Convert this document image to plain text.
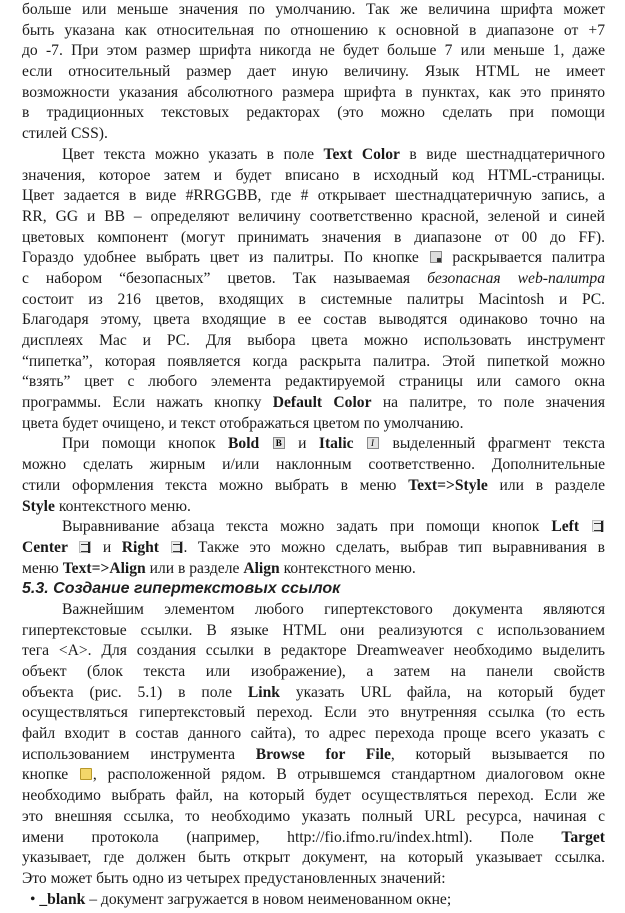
больше или меньше значения по умолчанию. Так же величина шрифта может
быть указана как относительная по отношению к основной в диапазоне от +7
до -7. При этом размер шрифта никогда не будет больше 7 или меньше 1, даже
если относительный размер дает иную величину. Язык HTML не имеет
возможности указания абсолютного размера шрифта в пунктах, как это принято
в традиционных текстовых редакторах (это можно сделать при помощи
стилей CSS).
Цвет текста можно указать в поле Text Color в виде шестнадцатеричного
значения, которое затем и будет вписано в исходный код HTML-страницы.
Цвет задается в виде #RRGGBB, где # открывает шестнадцатеричную запись, а
RR, GG и BB – определяют величину соответственно красной, зеленой и синей
цветовых компонент (могут принимать значения в диапазоне от 00 до FF).
Гораздо удобнее выбрать цвет из палитры. По кнопке  раскрывается палитра
с набором “безопасных” цветов. Так называемая безопасная web-палитра
состоит из 216 цветов, входящих в системные палитры Macintosh и PC.
Благодаря этому, цвета входящие в ее состав выводятся одинаково точно на
дисплеях Mac и PC. Для выбора цвета можно использовать инструмент
“пипетка”, которая появляется когда раскрыта палитра. Этой пипеткой можно
“взять” цвет с любого элемента редактируемой страницы или самого окна
программы. Если нажать кнопку Default Color на палитре, то поле значения
цвета будет очищено, и текст отображаться цветом по умолчанию.
При помощи кнопок Bold B и Italic I выделенный фрагмент текста
можно сделать жирным и/или наклонным соответственно. Дополнительные
стили оформления текста можно выбрать в меню Text=>Style или в разделе
Style контекстного меню.
Выравнивание абзаца текста можно задать при помощи кнопок Left
Center  и Right . Также это можно сделать, выбрав тип выравнивания в
меню Text=>Align или в разделе Align контекстного меню.
5.3. Создание гипертекстовых ссылок
Важнейшим элементом любого гипертекстового документа являются
гипертекстовые ссылки. В языке HTML они реализуются с использованием
тега <A>. Для создания ссылки в редакторе Dreamweaver необходимо выделить
объект (блок текста или изображение), а затем на панели свойств
объекта (рис. 5.1) в поле Link указать URL файла, на который будет
осуществляться гипертекстовый переход. Если это внутренняя ссылка (то есть
файл входит в состав данного сайта), то адрес перехода проще всего указать с
использованием инструмента Browse for File, который вызывается по
кнопке , расположенной рядом. В отрывшемся стандартном диалоговом окне
необходимо выбрать файл, на который будет осуществляться переход. Если же
это внешняя ссылка, то необходимо указать полный URL ресурса, начиная с
имени протокола (например, http://fio.ifmo.ru/index.html). Поле Target
указывает, где должен быть открыт документ, на который указывает ссылка.
Это может быть одно из четырех предустановленных значений:
• _blank – документ загружается в новом неименованном окне;
